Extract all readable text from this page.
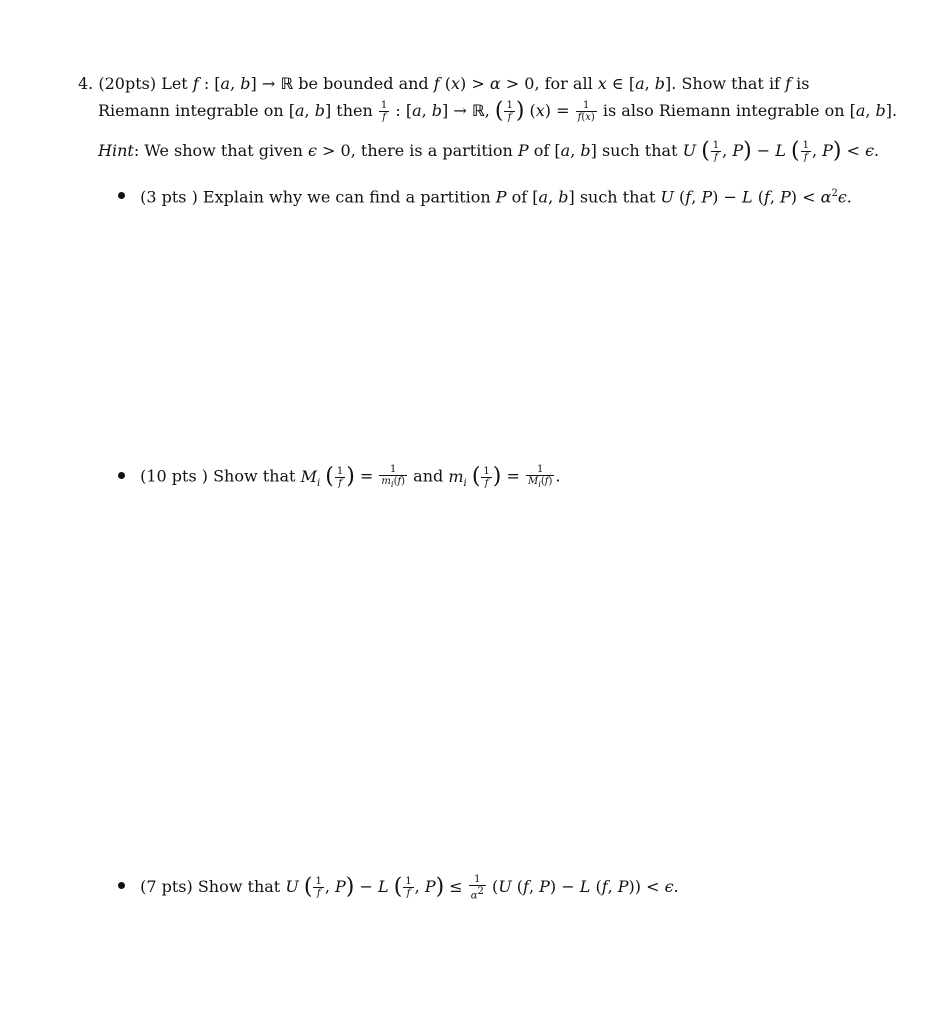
4. (20pts) Let f : [a, b] → ℝ be bounded and f (x) > α > 0, for all x ∈ [a, b]. Show that if f is
Riemann integrable on [a, b] then $\frac{1}{f}$ : [a, b] → ℝ, ( $\frac{1}{f}$ ) $(x) = \frac{1}{f(x)}$ is also Riemann integrable on [a, b].
Hint: We show that given ϵ > 0, there is a partition P of [a, b] such that U ( $\frac{1}{f}$ , P) − L ( $\frac{1}{f}$ , P) < ϵ.
(3 pts ) Explain why we can find a partition P of [a, b] such that U (f, P) − L (f, $P) < \alpha^2\epsilon$.
(10 pts ) Show that $M_i$ ( $\frac{1}{f}$ ) = $\frac{1}{m_i(f)}$ and $m_i$ ( $\frac{1}{f}$ ) = $\frac{1}{M_i(f)}$ .
(7 pts) Show that U ( $\frac{1}{f}$ , P) − L ( $\frac{1}{f}$ , $P) \le \frac{1}{\alpha^2} (U$ (f, P) − L (f, P)) < ϵ.
